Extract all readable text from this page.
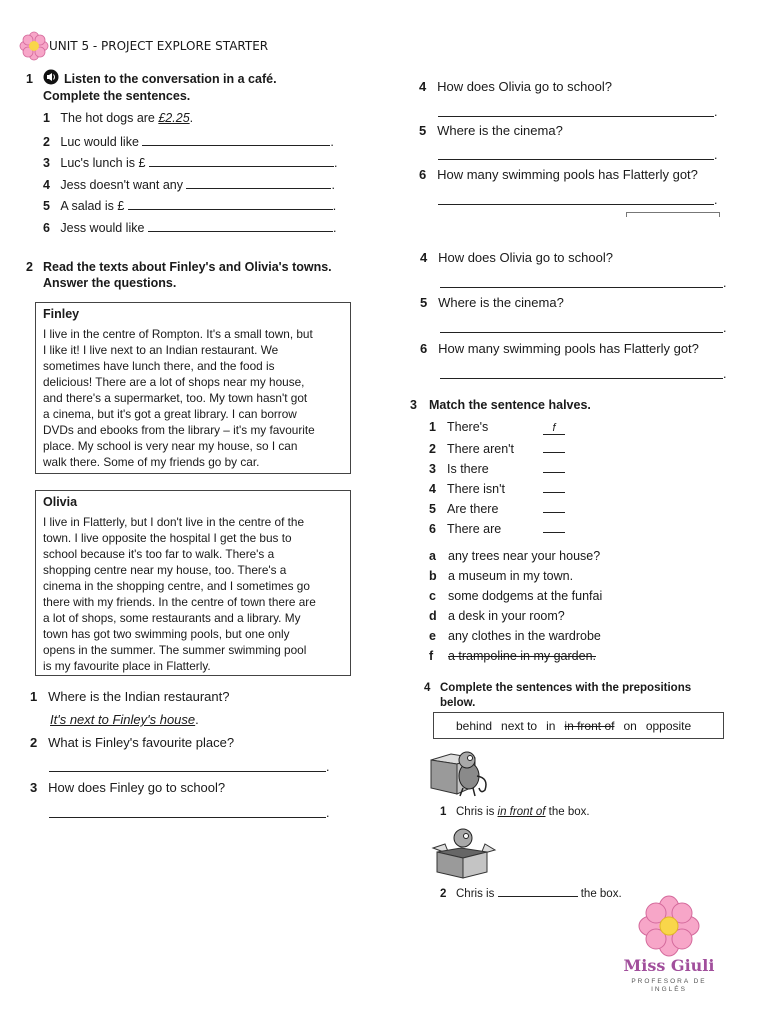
UNIT 5 - PROJECT EXPLORE STARTER
1 Listen to the conversation in a café.
Complete the sentences.
1 The hot dogs are £2.25.
2 Luc would like	.
3 Luc's lunch is £	.
4 Jess doesn't want any	.
5 A salad is £	.
6 Jess would like	.
2 Read the texts about Finley's and Olivia's towns.
Answer the questions.
Finley
I live in the centre of Rompton. It's a small town, but
I like it! I live next to an Indian restaurant. We
sometimes have lunch there, and the food is
delicious! There are a lot of shops near my house,
and there's a supermarket, too. My town hasn't got
a cinema, but it's got a great library. I can borrow
DVDs and ebooks from the library – it's my favourite
place. My school is very near my house, so I can
walk there. Some of my friends go by car.
Olivia
I live in Flatterly, but I don't live in the centre of the
town. I live opposite the hospital I get the bus to
school because it's too far to walk. There's a
shopping centre near my house, too. There's a
cinema in the shopping centre, and I sometimes go
there with my friends. In the centre of town there are
a lot of shops, some restaurants and a library. My
town has got two swimming pools, but one only
opens in the summer. The summer swimming pool
is my favourite place in Flatterly.
1 Where is the Indian restaurant?
It's next to Finley's house.
2 What is Finley's favourite place?
.
3 How does Finley go to school?
.
4 How does Olivia go to school?
.
5 Where is the cinema?
.
6 How many swimming pools has Flatterly got?
.
4 How does Olivia go to school?
.
5 Where is the cinema?
.
6 How many swimming pools has Flatterly got?
.
3 Match the sentence halves.
1 There's	f
2 There aren't
3 Is there
4 There isn't
5 Are there
6 There are
a any trees near your house?
b a museum in my town.
c some dodgems at the funfai
d a desk in your room?
e any clothes in the wardrobe
f a trampoline in my garden.
4 Complete the sentences with the prepositions
below.
behind next to in in front of on opposite
1 Chris is in front of the box.
2 Chris is	the box.
Miss Giuli
PROFESORA DE
INGLÉS
